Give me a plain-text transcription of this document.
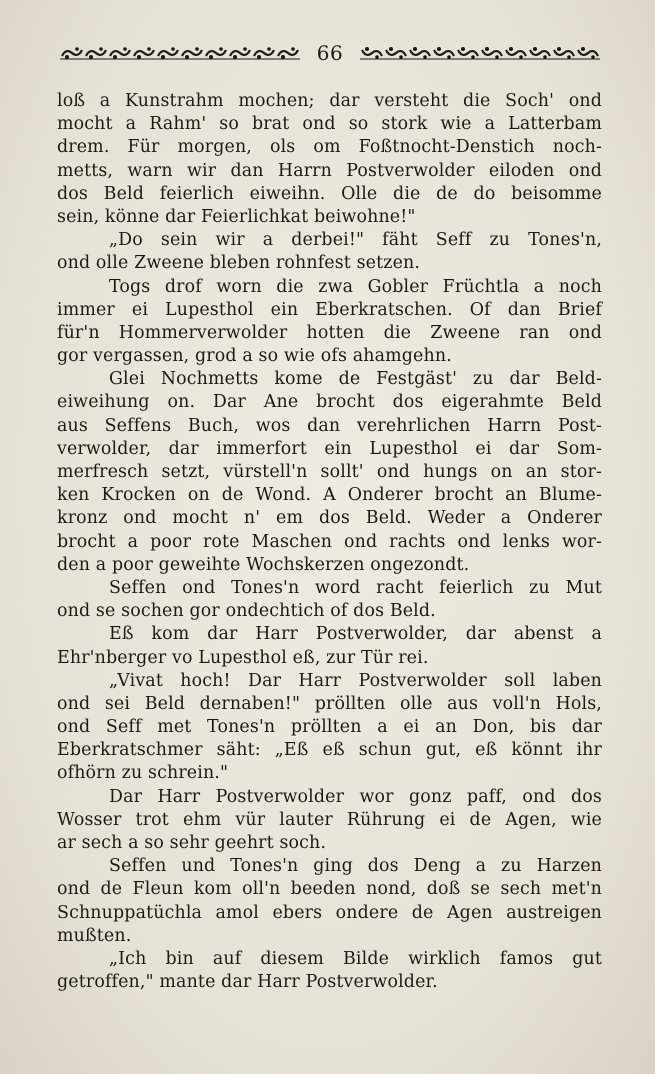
66
loß a Kunstrahm mochen; dar versteht die Soch' ond
mocht a Rahm' so brat ond so stork wie a Latterbam
drem. Für morgen, ols om Foßtnocht-Denstich noch-
metts, warn wir dan Harrn Postverwolder eiloden ond
dos Beld feierlich eiweihn. Olle die de do beisomme
sein, könne dar Feierlichkat beiwohne!"
„Do sein wir a derbei!" fäht Seff zu Tones'n,
ond olle Zweene bleben rohnfest setzen.
Togs drof worn die zwa Gobler Früchtla a noch
immer ei Lupesthol ein Eberkratschen. Of dan Brief
für'n Hommerverwolder hotten die Zweene ran ond
gor vergassen, grod a so wie ofs ahamgehn.
Glei Nochmetts kome de Festgäst' zu dar Beld-
eiweihung on. Dar Ane brocht dos eigerahmte Beld
aus Seffens Buch, wos dan verehrlichen Harrn Post-
verwolder, dar immerfort ein Lupesthol ei dar Som-
merfresch setzt, vürstell'n sollt' ond hungs on an stor-
ken Krocken on de Wond. A Onderer brocht an Blume-
kronz ond mocht n' em dos Beld. Weder a Onderer
brocht a poor rote Maschen ond rachts ond lenks wor-
den a poor geweihte Wochskerzen ongezondt.
Seffen ond Tones'n word racht feierlich zu Mut
ond se sochen gor ondechtich of dos Beld.
Eß kom dar Harr Postverwolder, dar abenst a
Ehr'nberger vo Lupesthol eß, zur Tür rei.
„Vivat hoch! Dar Harr Postverwolder soll laben
ond sei Beld dernaben!" pröllten olle aus voll'n Hols,
ond Seff met Tones'n pröllten a ei an Don, bis dar
Eberkratschmer säht: „Eß eß schun gut, eß könnt ihr
ofhörn zu schrein."
Dar Harr Postverwolder wor gonz paff, ond dos
Wosser trot ehm vür lauter Rührung ei de Agen, wie
ar sech a so sehr geehrt soch.
Seffen und Tones'n ging dos Deng a zu Harzen
ond de Fleun kom oll'n beeden nond, doß se sech met'n
Schnuppatüchla amol ebers ondere de Agen austreigen
mußten.
„Ich bin auf diesem Bilde wirklich famos gut
getroffen," mante dar Harr Postverwolder.
